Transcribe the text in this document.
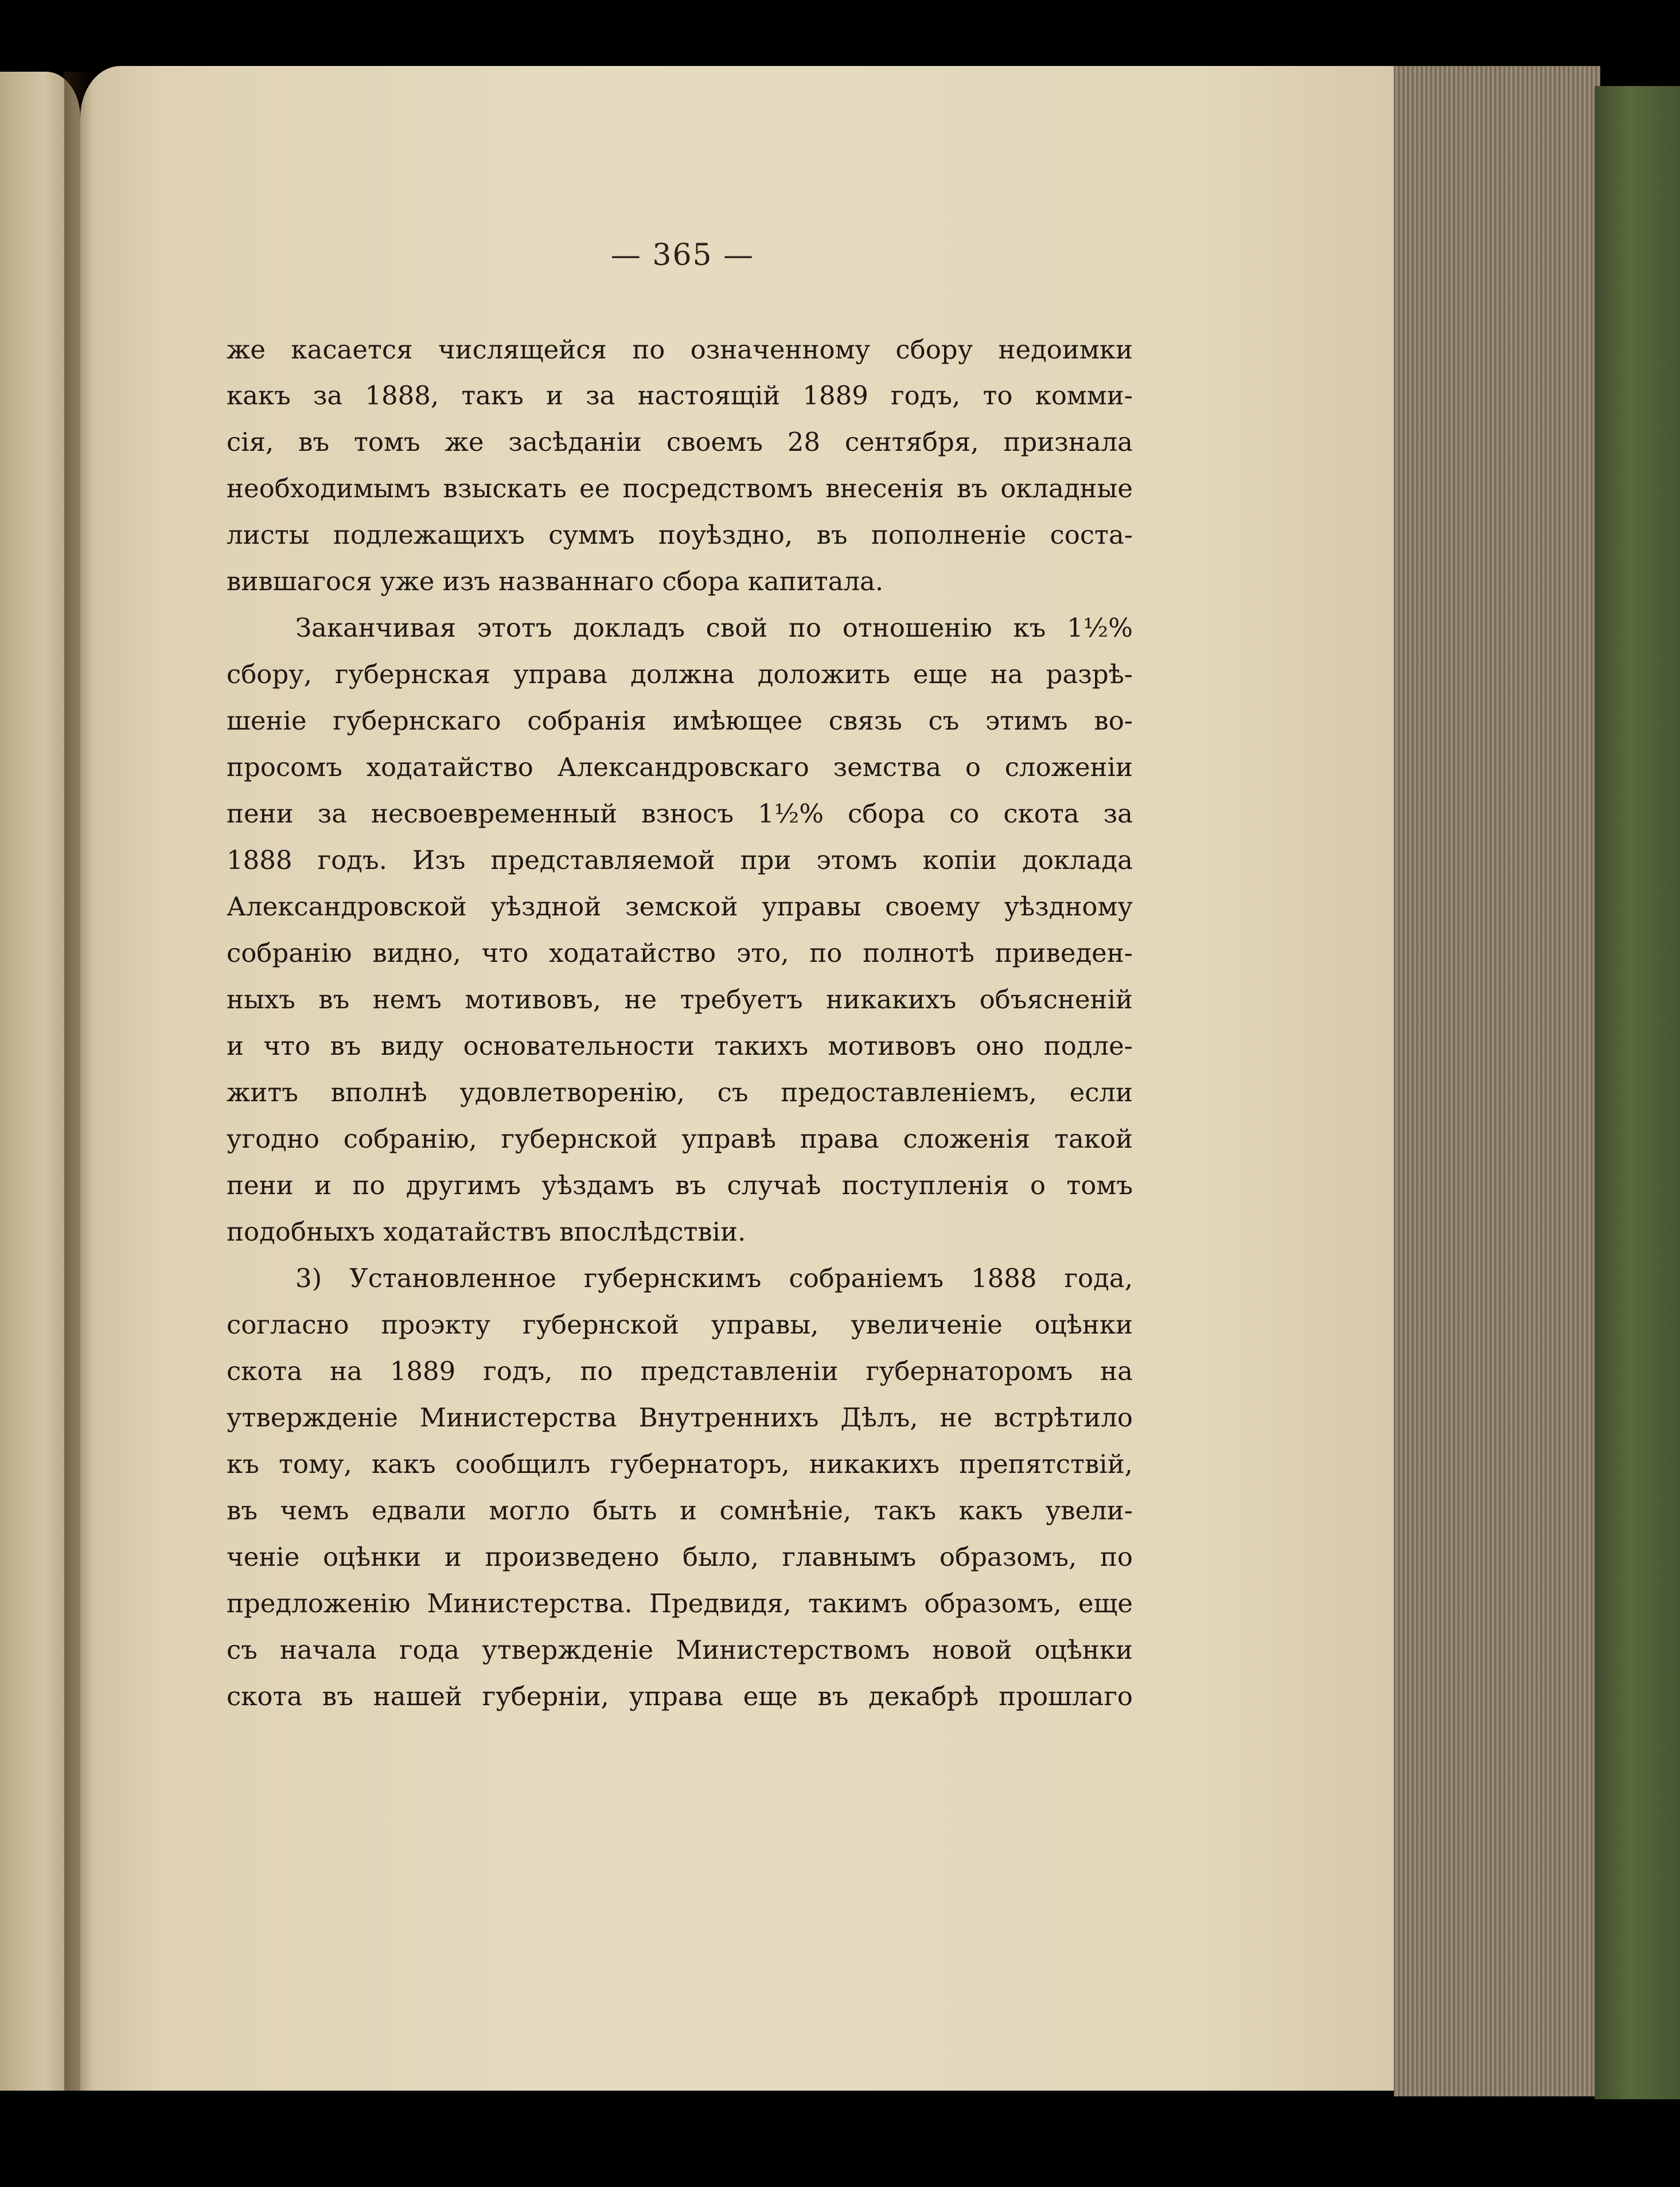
— 365 —
же касается числящейся по означенному сбору недоимки
какъ за 1888, такъ и за настоящій 1889 годъ, то комми-
сія, въ томъ же засѣданіи своемъ 28 сентября, признала
необходимымъ взыскать ее посредствомъ внесенія въ окладные
листы подлежащихъ суммъ поуѣздно, въ пополненіе соста-
вившагося уже изъ названнаго сбора капитала.
Заканчивая этотъ докладъ свой по отношенію къ 1½%
сбору, губернская управа должна доложить еще на разрѣ-
шеніе губернскаго собранія имѣющее связь съ этимъ во-
просомъ ходатайство Александровскаго земства о сложеніи
пени за несвоевременный взносъ 1½% сбора со скота за
1888 годъ. Изъ представляемой при этомъ копіи доклада
Александровской уѣздной земской управы своему уѣздному
собранію видно, что ходатайство это, по полнотѣ приведен-
ныхъ въ немъ мотивовъ, не требуетъ никакихъ объясненій
и что въ виду основательности такихъ мотивовъ оно подле-
житъ вполнѣ удовлетворенію, съ предоставленіемъ, если
угодно собранію, губернской управѣ права сложенія такой
пени и по другимъ уѣздамъ въ случаѣ поступленія о томъ
подобныхъ ходатайствъ впослѣдствіи.
3) Установленное губернскимъ собраніемъ 1888 года,
согласно проэкту губернской управы, увеличеніе оцѣнки
скота на 1889 годъ, по представленіи губернаторомъ на
утвержденіе Министерства Внутреннихъ Дѣлъ, не встрѣтило
къ тому, какъ сообщилъ губернаторъ, никакихъ препятствій,
въ чемъ едвали могло быть и сомнѣніе, такъ какъ увели-
ченіе оцѣнки и произведено было, главнымъ образомъ, по
предложенію Министерства. Предвидя, такимъ образомъ, еще
съ начала года утвержденіе Министерствомъ новой оцѣнки
скота въ нашей губерніи, управа еще въ декабрѣ прошлаго
